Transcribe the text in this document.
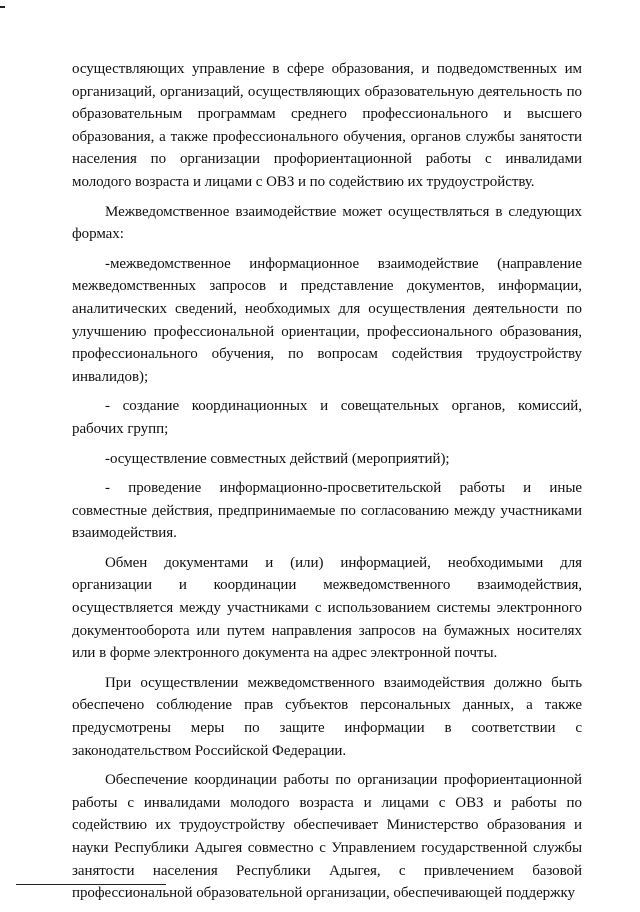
осуществляющих управление в сфере образования, и подведомственных им организаций, организаций, осуществляющих образовательную деятельность по образовательным программам среднего профессионального и высшего образования, а также профессионального обучения, органов службы занятости населения по организации профориентационной работы с инвалидами молодого возраста и лицами с ОВЗ и по содействию их трудоустройству.

Межведомственное взаимодействие может осуществляться в следующих формах:

-межведомственное информационное взаимодействие (направление межведомственных запросов и представление документов, информации, аналитических сведений, необходимых для осуществления деятельности по улучшению профессиональной ориентации, профессионального образования, профессионального обучения, по вопросам содействия трудоустройству инвалидов);

- создание координационных и совещательных органов, комиссий, рабочих групп;

-осуществление совместных действий (мероприятий);

- проведение информационно-просветительской работы и иные совместные действия, предпринимаемые по согласованию между участниками взаимодействия.

Обмен документами и (или) информацией, необходимыми для организации и координации межведомственного взаимодействия, осуществляется между участниками с использованием системы электронного документооборота или путем направления запросов на бумажных носителях или в форме электронного документа на адрес электронной почты.

При осуществлении межведомственного взаимодействия должно быть обеспечено соблюдение прав субъектов персональных данных, а также предусмотрены меры по защите информации в соответствии с законодательством Российской Федерации.

Обеспечение координации работы по организации профориентационной работы с инвалидами молодого возраста и лицами с ОВЗ и работы по содействию их трудоустройству обеспечивает Министерство образования и науки Республики Адыгея совместно с Управлением государственной службы занятости населения Республики Адыгея, с привлечением базовой профессиональной образовательной организации, обеспечивающей поддержку
